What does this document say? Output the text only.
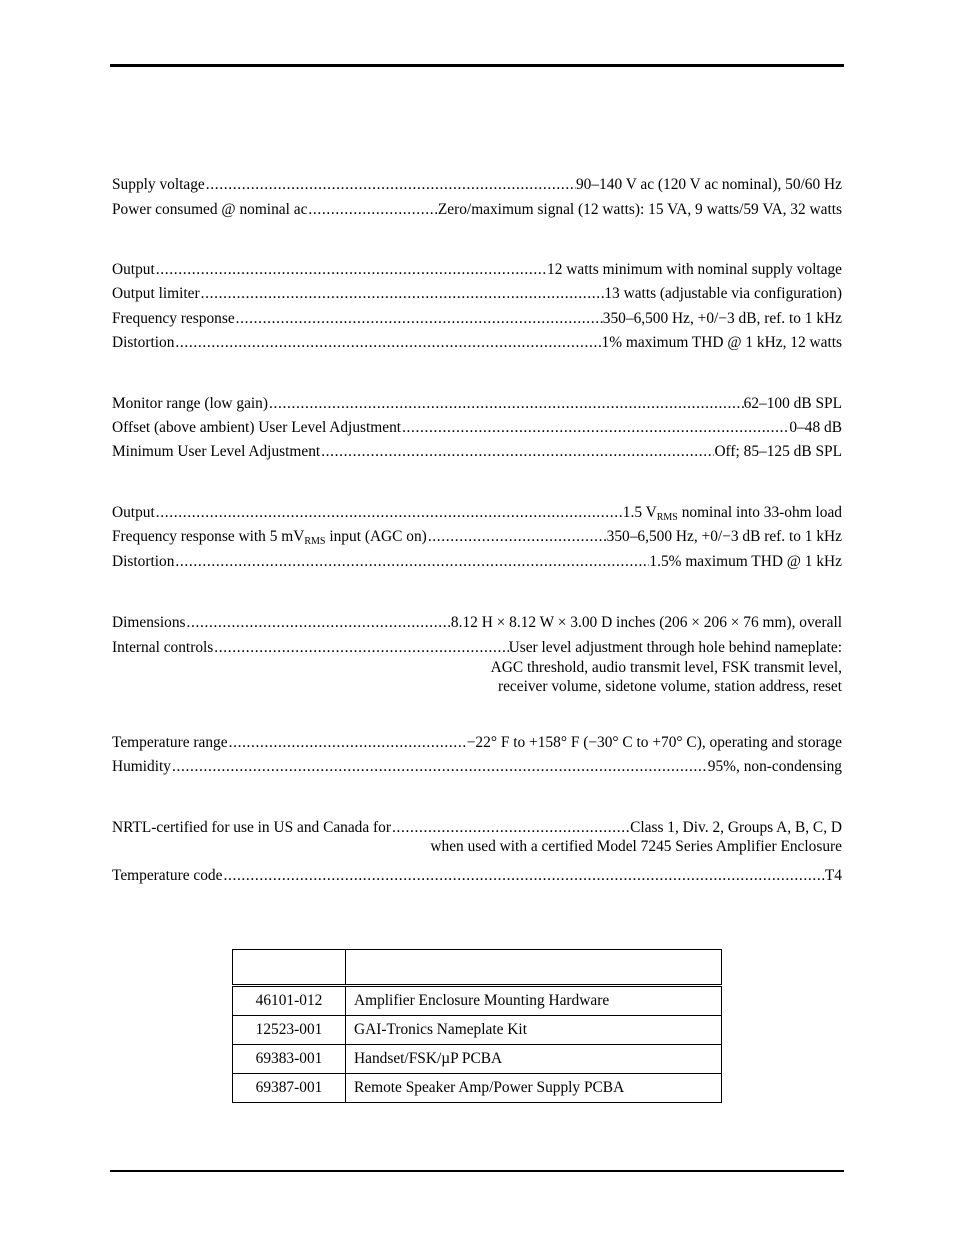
Supply voltage . . .	90–140 V ac (120 V ac nominal), 50/60 Hz
Power consumed @ nominal ac . . .	Zero/maximum signal (12 watts): 15 VA, 9 watts/59 VA, 32 watts
Output . . .	12 watts minimum with nominal supply voltage
Output limiter . . .	13 watts (adjustable via configuration)
Frequency response . . .	350–6,500 Hz, +0/−3 dB, ref. to 1 kHz
Distortion . . .	1% maximum THD @ 1 kHz, 12 watts
Monitor range (low gain) . . .	62–100 dB SPL
Offset (above ambient) User Level Adjustment . . .	0–48 dB
Minimum User Level Adjustment . . .	Off; 85–125 dB SPL
Output . . .	1.5 $V_{RMS}$ nominal into 33-ohm load
Frequency response with 5 $mV_{RMS}$ input (AGC on) . . .	350–6,500 Hz, +0/−3 dB ref. to 1 kHz
Distortion . . .	1.5% maximum THD @ 1 kHz
Dimensions . . .	8.12 H × 8.12 W × 3.00 D inches (206 × 206 × 76 mm), overall
Internal controls . . .	User level adjustment through hole behind nameplate:
AGC threshold, audio transmit level, FSK transmit level,
receiver volume, sidetone volume, station address, reset
Temperature range . . .	−22° F to +158° F (−30° C to +70° C), operating and storage
Humidity . . .	95%, non-condensing
NRTL-certified for use in US and Canada for . . .	Class 1, Div. 2, Groups A, B, C, D
when used with a certified Model 7245 Series Amplifier Enclosure
Temperature code . . .	T4

46101-012	Amplifier Enclosure Mounting Hardware
12523-001	GAI-Tronics Nameplate Kit
69383-001	Handset/FSK/µP PCBA
69387-001	Remote Speaker Amp/Power Supply PCBA
